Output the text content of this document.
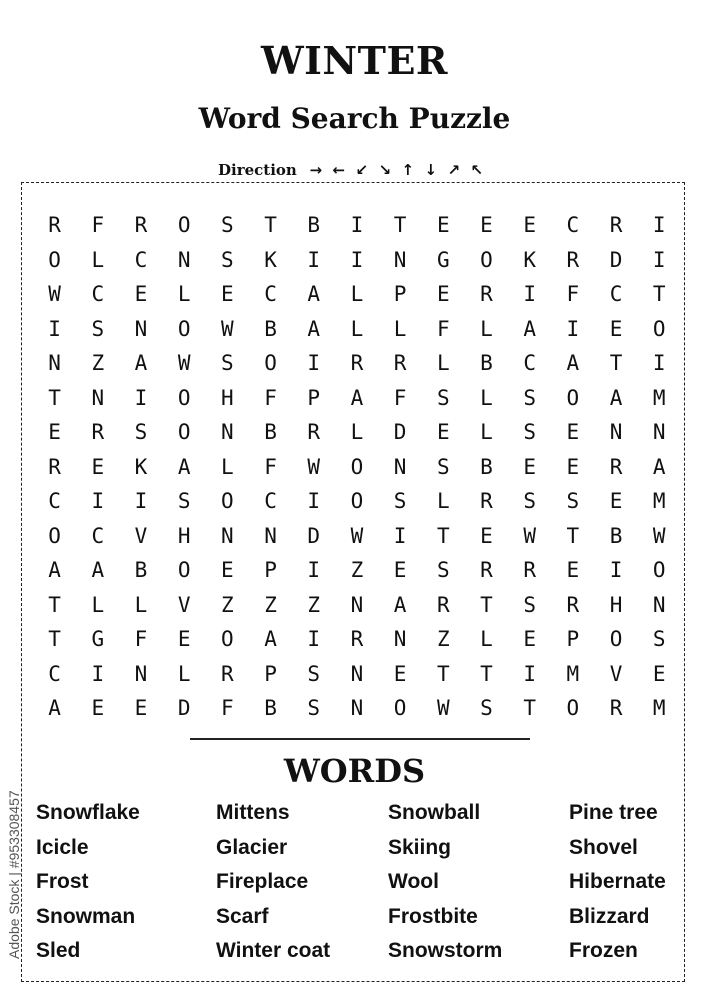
WINTER
Word Search Puzzle
Direction → ← ↙ ↘ ↑ ↓ ↗ ↖
R	F	R	O	S	T	B	I	T	E	E	E	C	R	I
O	L	C	N	S	K	I	I	N	G	O	K	R	D	I
W	C	E	L	E	C	A	L	P	E	R	I	F	C	T
I	S	N	O	W	B	A	L	L	F	L	A	I	E	O
N	Z	A	W	S	O	I	R	R	L	B	C	A	T	I
T	N	I	O	H	F	P	A	F	S	L	S	O	A	M
E	R	S	O	N	B	R	L	D	E	L	S	E	N	N
R	E	K	A	L	F	W	O	N	S	B	E	E	R	A
C	I	I	S	O	C	I	O	S	L	R	S	S	E	M
O	C	V	H	N	N	D	W	I	T	E	W	T	B	W
A	A	B	O	E	P	I	Z	E	S	R	R	E	I	O
T	L	L	V	Z	Z	Z	N	A	R	T	S	R	H	N
T	G	F	E	O	A	I	R	N	Z	L	E	P	O	S
C	I	N	L	R	P	S	N	E	T	T	I	M	V	E
A	E	E	D	F	B	S	N	O	W	S	T	O	R	M
WORDS
Snowflake	Mittens	Snowball	Pine tree
Icicle	Glacier	Skiing	Shovel
Frost	Fireplace	Wool	Hibernate
Snowman	Scarf	Frostbite	Blizzard
Sled	Winter coat	Snowstorm	Frozen
Adobe Stock | #953308457
